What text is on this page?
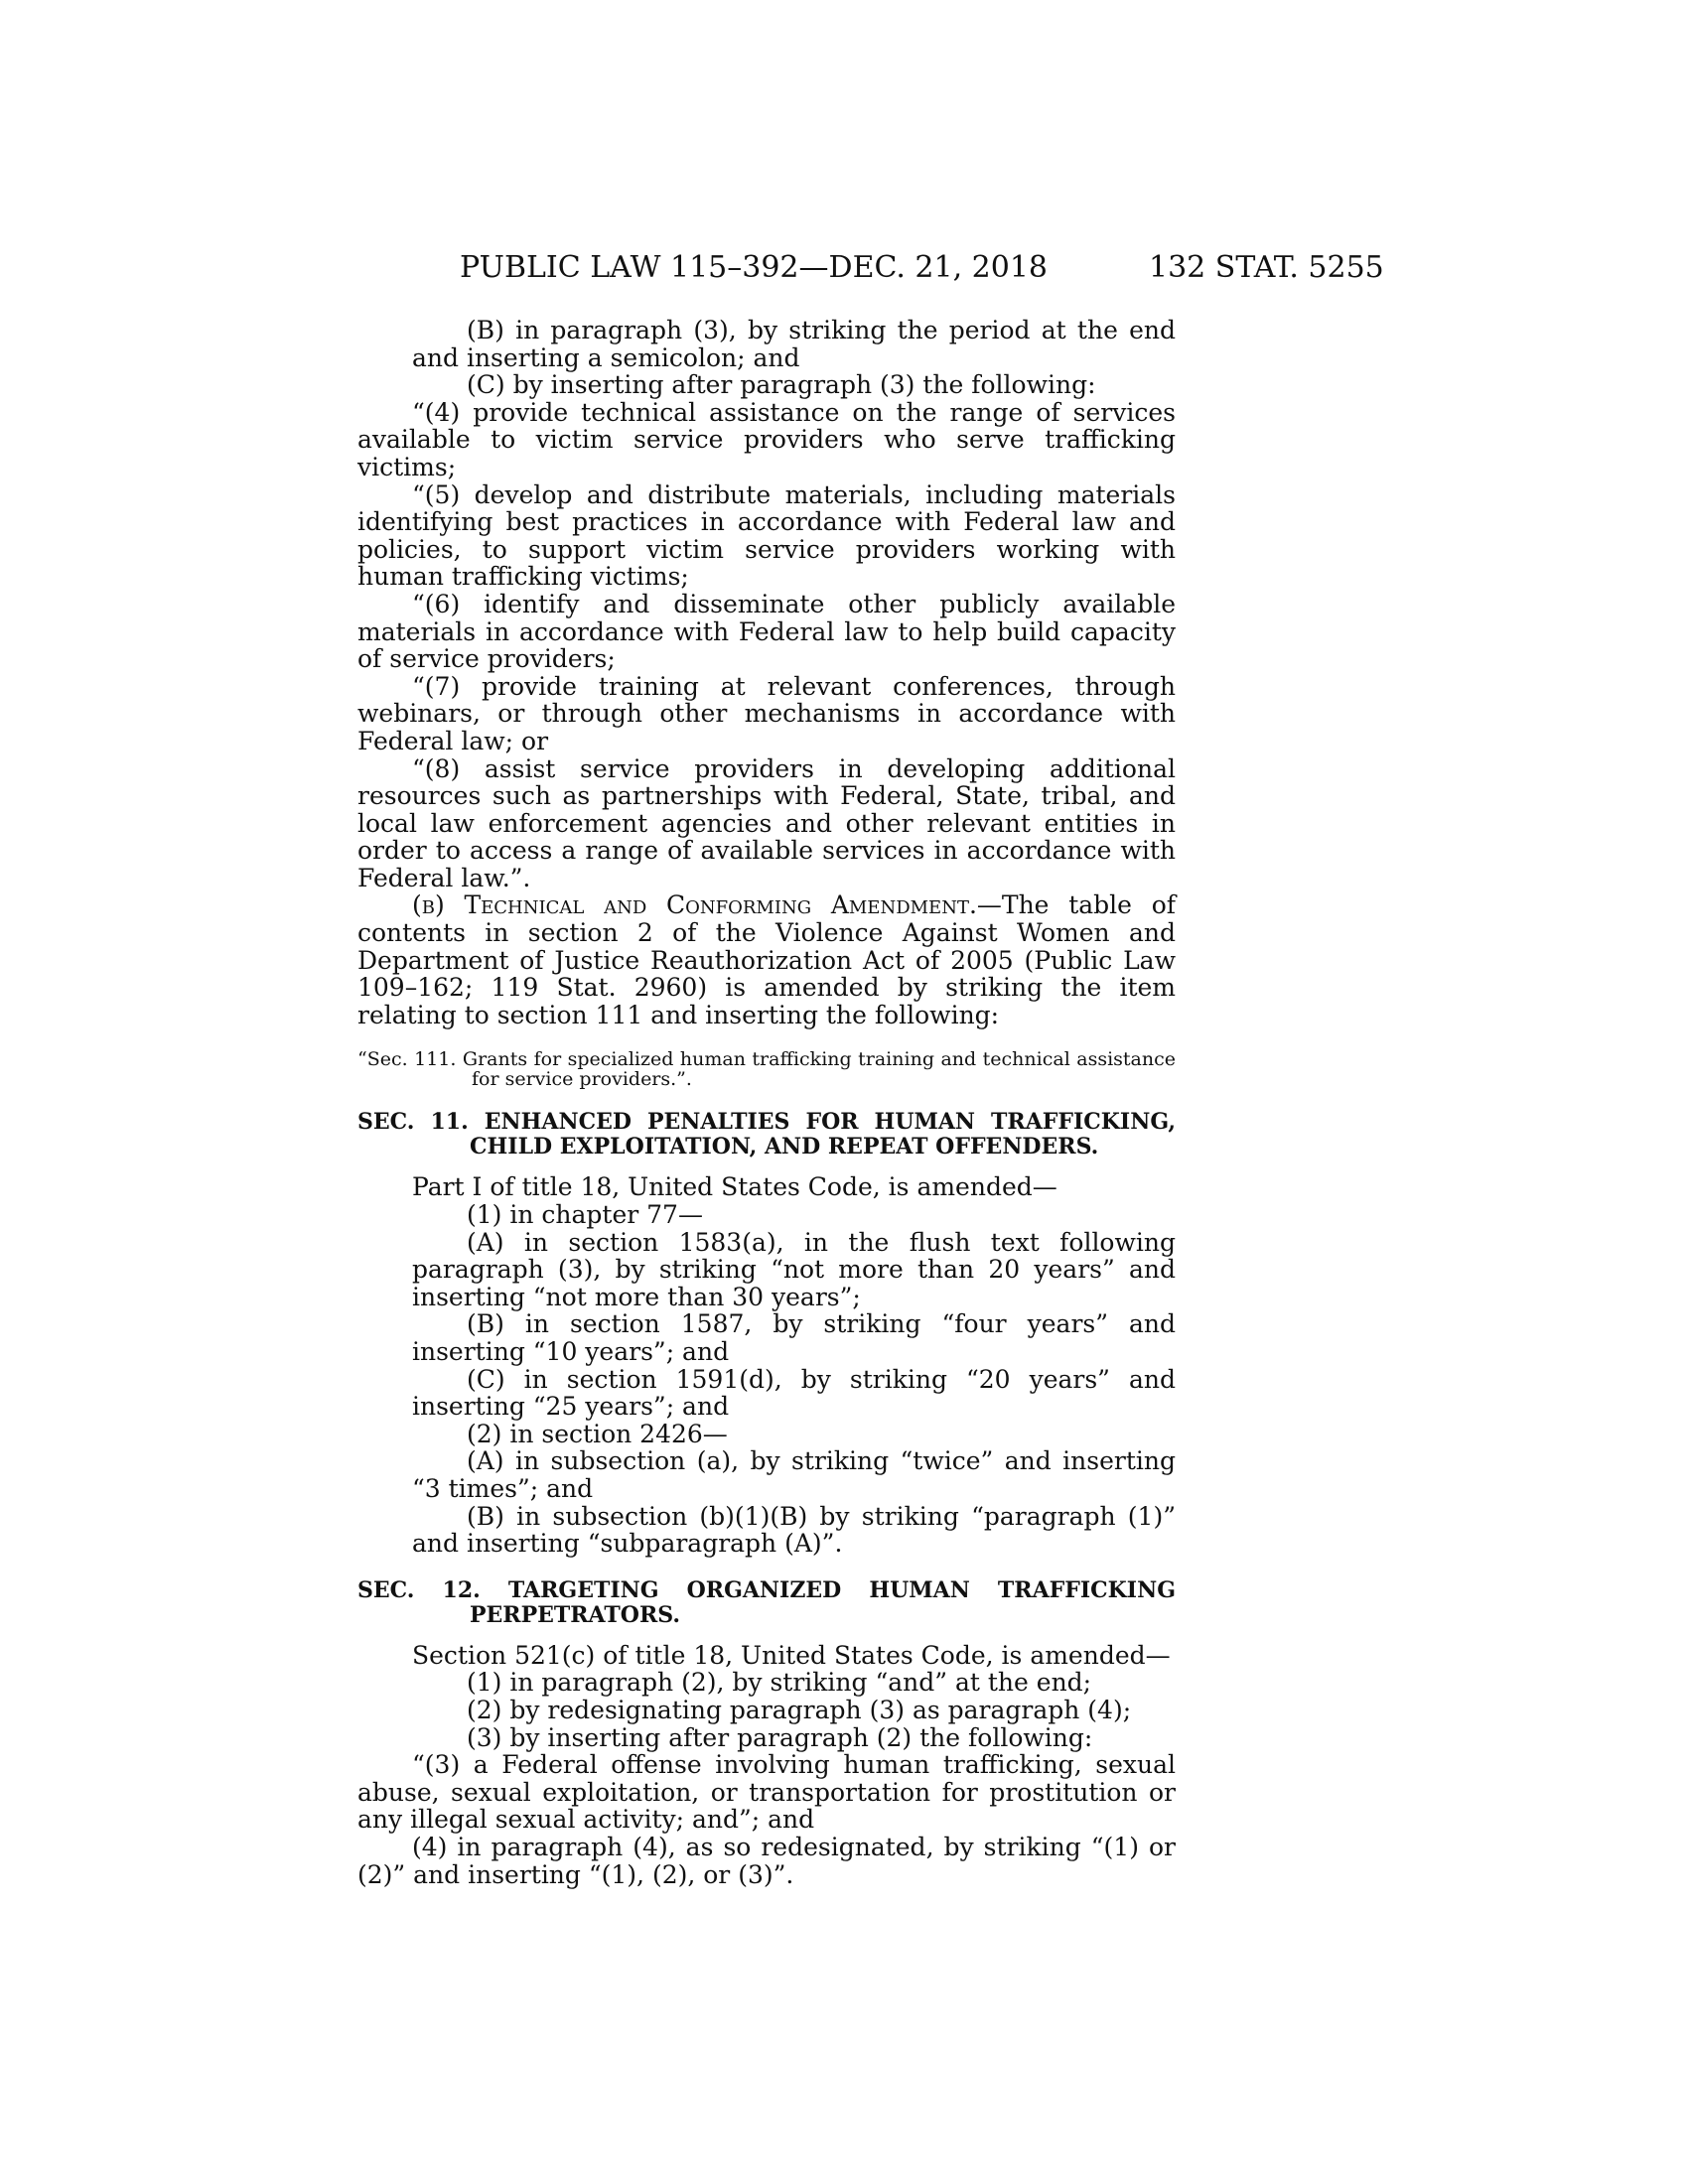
PUBLIC LAW 115–392—DEC. 21, 2018	132 STAT. 5255

(B) in paragraph (3), by striking the period at the end and inserting a semicolon; and

(C) by inserting after paragraph (3) the following:

“(4) provide technical assistance on the range of services available to victim service providers who serve trafficking victims;

“(5) develop and distribute materials, including materials identifying best practices in accordance with Federal law and policies, to support victim service providers working with human trafficking victims;

“(6) identify and disseminate other publicly available materials in accordance with Federal law to help build capacity of service providers;

“(7) provide training at relevant conferences, through webinars, or through other mechanisms in accordance with Federal law; or

“(8) assist service providers in developing additional resources such as partnerships with Federal, State, tribal, and local law enforcement agencies and other relevant entities in order to access a range of available services in accordance with Federal law.”.

(b) Technical and Conforming Amendment.—The table of contents in section 2 of the Violence Against Women and Department of Justice Reauthorization Act of 2005 (Public Law 109–162; 119 Stat. 2960) is amended by striking the item relating to section 111 and inserting the following:

“Sec. 111. Grants for specialized human trafficking training and technical assistance for service providers.”.

SEC. 11. ENHANCED PENALTIES FOR HUMAN TRAFFICKING, CHILD EXPLOITATION, AND REPEAT OFFENDERS.

Part I of title 18, United States Code, is amended—

(1) in chapter 77—

(A) in section 1583(a), in the flush text following paragraph (3), by striking “not more than 20 years” and inserting “not more than 30 years”;

(B) in section 1587, by striking “four years” and inserting “10 years”; and

(C) in section 1591(d), by striking “20 years” and inserting “25 years”; and

(2) in section 2426—

(A) in subsection (a), by striking “twice” and inserting “3 times”; and

(B) in subsection (b)(1)(B) by striking “paragraph (1)” and inserting “subparagraph (A)”.

SEC. 12. TARGETING ORGANIZED HUMAN TRAFFICKING PERPETRATORS.

Section 521(c) of title 18, United States Code, is amended—

(1) in paragraph (2), by striking “and” at the end;

(2) by redesignating paragraph (3) as paragraph (4);

(3) by inserting after paragraph (2) the following:

“(3) a Federal offense involving human trafficking, sexual abuse, sexual exploitation, or transportation for prostitution or any illegal sexual activity; and”; and

(4) in paragraph (4), as so redesignated, by striking “(1) or (2)” and inserting “(1), (2), or (3)”.
